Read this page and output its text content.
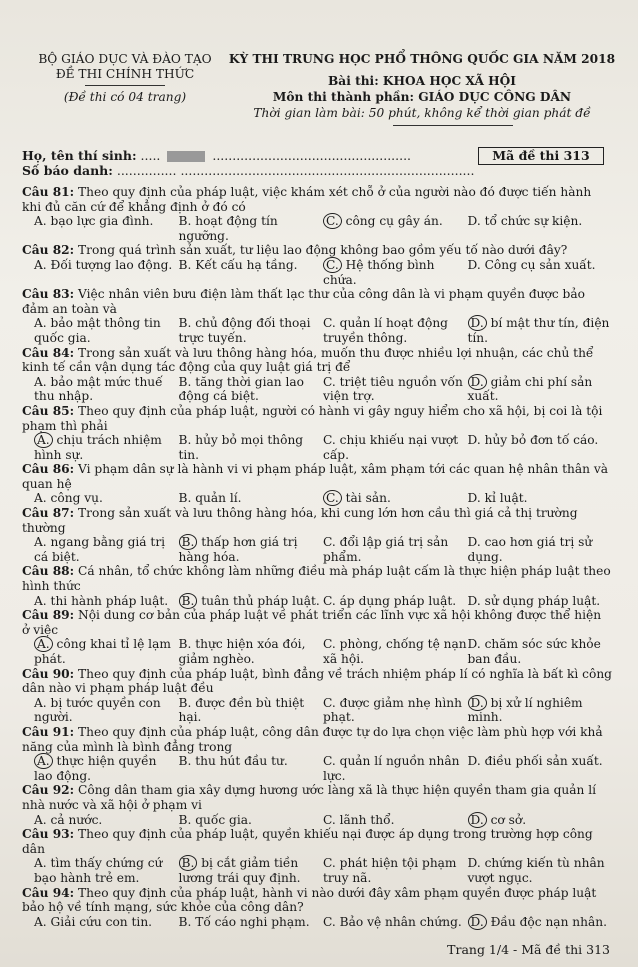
BỘ GIÁO DỤC VÀ ĐÀO TẠO
ĐỀ THI CHÍNH THỨC
(Đề thi có 04 trang)
KỲ THI TRUNG HỌC PHỔ THÔNG QUỐC GIA NĂM 2018
Bài thi: KHOA HỌC XÃ HỘI
Môn thi thành phần: GIÁO DỤC CÔNG DÂN
Thời gian làm bài: 50 phút, không kể thời gian phát đề
Họ, tên thí sinh: .....	..................................................
Số báo danh: ............... ..........................................................................
Mã đề thi 313

Câu 81: Theo quy định của pháp luật, việc khám xét chỗ ở của người nào đó được tiến hành khi đủ căn cứ để khẳng định ở đó có

A. bạo lực gia đình.	B. hoạt động tín ngưỡng.
C. công cụ gây án.	D. tổ chức sự kiện.

Câu 82: Trong quá trình sản xuất, tư liệu lao động không bao gồm yếu tố nào dưới đây?

A. Đối tượng lao động. B. Kết cấu hạ tầng.	C. Hệ thống bình chứa.
D. Công cụ sản xuất.

Câu 83: Việc nhân viên bưu điện làm thất lạc thư của công dân là vi phạm quyền được bảo đảm an toàn và

A. bảo mật thông tin quốc gia.
B. chủ động đối thoại trực tuyến.
C. quản lí hoạt động truyền thông.
D. bí mật thư tín, điện tín.

Câu 84: Trong sản xuất và lưu thông hàng hóa, muốn thu được nhiều lợi nhuận, các chủ thể kinh tế cần vận dụng tác động của quy luật giá trị để

A. bảo mật mức thuế thu nhập.
B. tăng thời gian lao động cá biệt.
C. triệt tiêu nguồn vốn viện trợ.
D. giảm chi phí sản xuất.

Câu 85: Theo quy định của pháp luật, người có hành vi gây nguy hiểm cho xã hội, bị coi là tội phạm thì phải

A. chịu trách nhiệm hình sự.
B. hủy bỏ mọi thông tin.
C. chịu khiếu nại vượt cấp.
D. hủy bỏ đơn tố cáo.

Câu 86: Vi phạm dân sự là hành vi vi phạm pháp luật, xâm phạm tới các quan hệ nhân thân và quan hệ

A. công vụ.	B. quản lí.	C. tài sản.	D. kỉ luật.

Câu 87: Trong sản xuất và lưu thông hàng hóa, khi cung lớn hơn cầu thì giá cả thị trường thường

A. ngang bằng giá trị cá biệt.
B. thấp hơn giá trị hàng hóa.
C. đổi lập giá trị sản phẩm.
D. cao hơn giá trị sử dụng.

Câu 88: Cá nhân, tổ chức không làm những điều mà pháp luật cấm là thực hiện pháp luật theo hình thức

A. thi hành pháp luật.	B. tuân thủ pháp luật. C. áp dụng pháp luật. D. sử dụng pháp luật.

Câu 89: Nội dung cơ bản của pháp luật về phát triển các lĩnh vực xã hội không được thể hiện ở việc

A. công khai tỉ lệ lạm phát.
B. thực hiện xóa đói, giảm nghèo.
C. phòng, chống tệ nạn xã hội.
D. chăm sóc sức khỏe ban đầu.

Câu 90: Theo quy định của pháp luật, bình đẳng về trách nhiệm pháp lí có nghĩa là bất kì công dân nào vi phạm pháp luật đều

A. bị tước quyền con người.
B. được đền bù thiệt hại.
C. được giảm nhẹ hình phạt.
D. bị xử lí nghiêm minh.

Câu 91: Theo quy định của pháp luật, công dân được tự do lựa chọn việc làm phù hợp với khả năng của mình là bình đẳng trong

A. thực hiện quyền lao động.
B. thu hút đầu tư.	C. quản lí nguồn nhân lực.
D. điều phối sản xuất.

Câu 92: Công dân tham gia xây dựng hương ước làng xã là thực hiện quyền tham gia quản lí nhà nước và xã hội ở phạm vi

A. cả nước.	B. quốc gia.	C. lãnh thổ.	D. cơ sở.

Câu 93: Theo quy định của pháp luật, quyền khiếu nại được áp dụng trong trường hợp công dân

A. tìm thấy chứng cứ bạo hành trẻ em.
B. bị cắt giảm tiền lương trái quy định.
C. phát hiện tội phạm truy nã.
D. chứng kiến tù nhân vượt ngục.

Câu 94: Theo quy định của pháp luật, hành vi nào dưới đây xâm phạm quyền được pháp luật bảo hộ về tính mạng, sức khỏe của công dân?

A. Giải cứu con tin.	B. Tố cáo nghi phạm.	C. Bảo vệ nhân chứng. D. Đầu độc nạn nhân.
Trang 1/4 - Mã đề thi 313
